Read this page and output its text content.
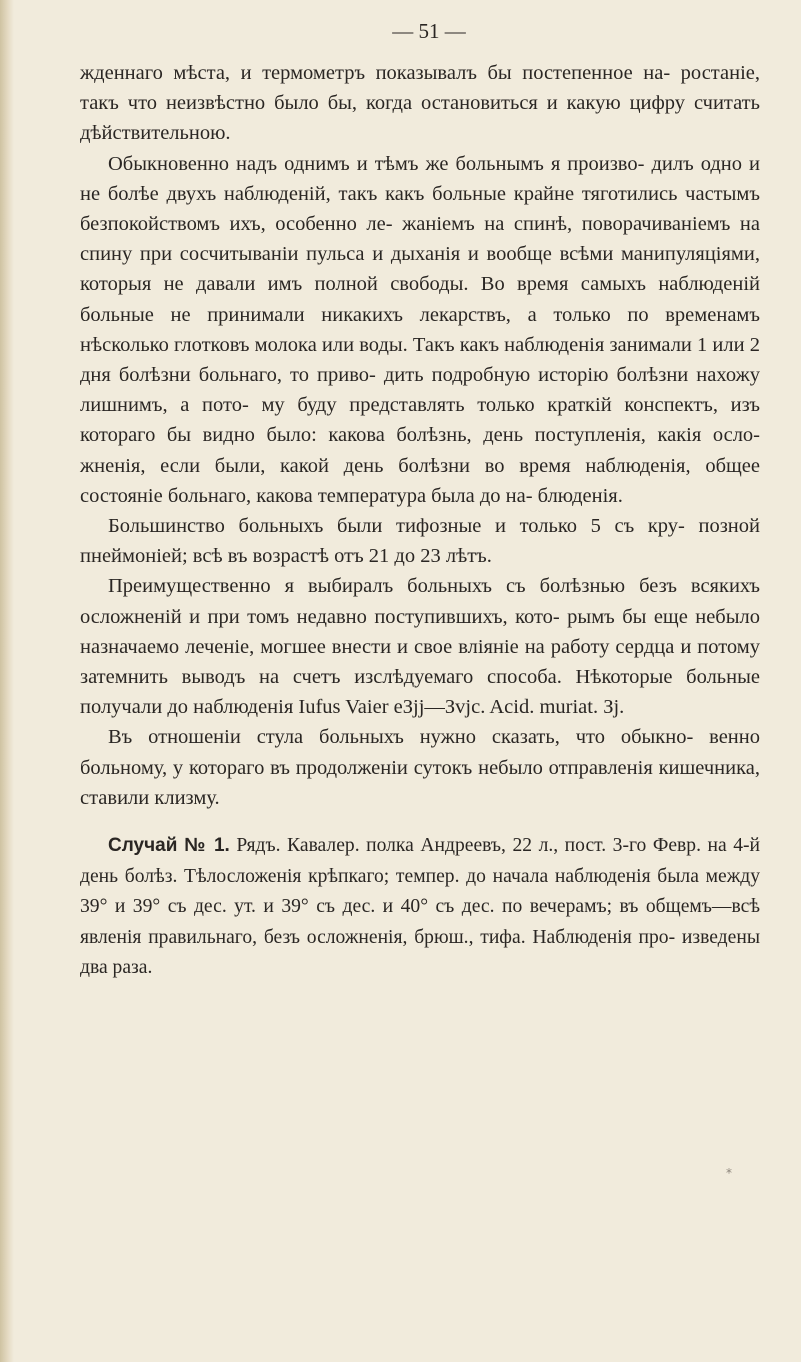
— 51 —

жденнаго мѣста, и термометръ показывалъ бы постепенное на- ростаніе, такъ что неизвѣстно было бы, когда остановиться и какую цифру считать дѣйствительною.

Обыкновенно надъ однимъ и тѣмъ же больнымъ я произво- дилъ одно и не болѣе двухъ наблюденій, такъ какъ больные крайне тяготились частымъ безпокойствомъ ихъ, особенно ле- жаніемъ на спинѣ, поворачиваніемъ на спину при сосчитываніи пульса и дыханія и вообще всѣми манипуляціями, которыя не давали имъ полной свободы. Во время самыхъ наблюденій больные не принимали никакихъ лекарствъ, а только по временамъ нѣсколько глотковъ молока или воды. Такъ какъ наблюденія занимали 1 или 2 дня болѣзни больнаго, то приво- дить подробную исторію болѣзни нахожу лишнимъ, а пото- му буду представлять только краткій конспектъ, изъ котораго бы видно было: какова болѣзнь, день поступленія, какія осло- жненія, если были, какой день болѣзни во время наблюденія, общее состояніе больнаго, какова температура была до на- блюденія.

Большинство больныхъ были тифозные и только 5 съ кру- позной пнеймоніей; всѣ въ возрастѣ отъ 21 до 23 лѣтъ.

Преимущественно я выбиралъ больныхъ съ болѣзнью безъ всякихъ осложненій и при томъ недавно поступившихъ, кото- рымъ бы еще небыло назначаемо леченіе, могшее внести и свое вліяніе на работу сердца и потому затемнить выводъ на счетъ изслѣдуемаго способа. Нѣкоторые больные получали до наблюденія Iufus Vaier eЗjj—Зvjc. Acid. muriat. Зj.

Въ отношеніи стула больныхъ нужно сказать, что обыкно- венно больному, у котораго въ продолженіи сутокъ небыло отправленія кишечника, ставили клизму.

Случай № 1. Рядъ. Кавалер. полка Андреевъ, 22 л., пост. 3-го Февр. на 4-й день болѣз. Тѣлосложенія крѣпкаго; темпер. до начала наблюденія была между 39° и 39° съ дес. ут. и 39° съ дес. и 40° съ дес. по вечерамъ; въ общемъ—всѣ явленія правильнаго, безъ осложненія, брюш., тифа. Наблюденія про- изведены два раза.

*
